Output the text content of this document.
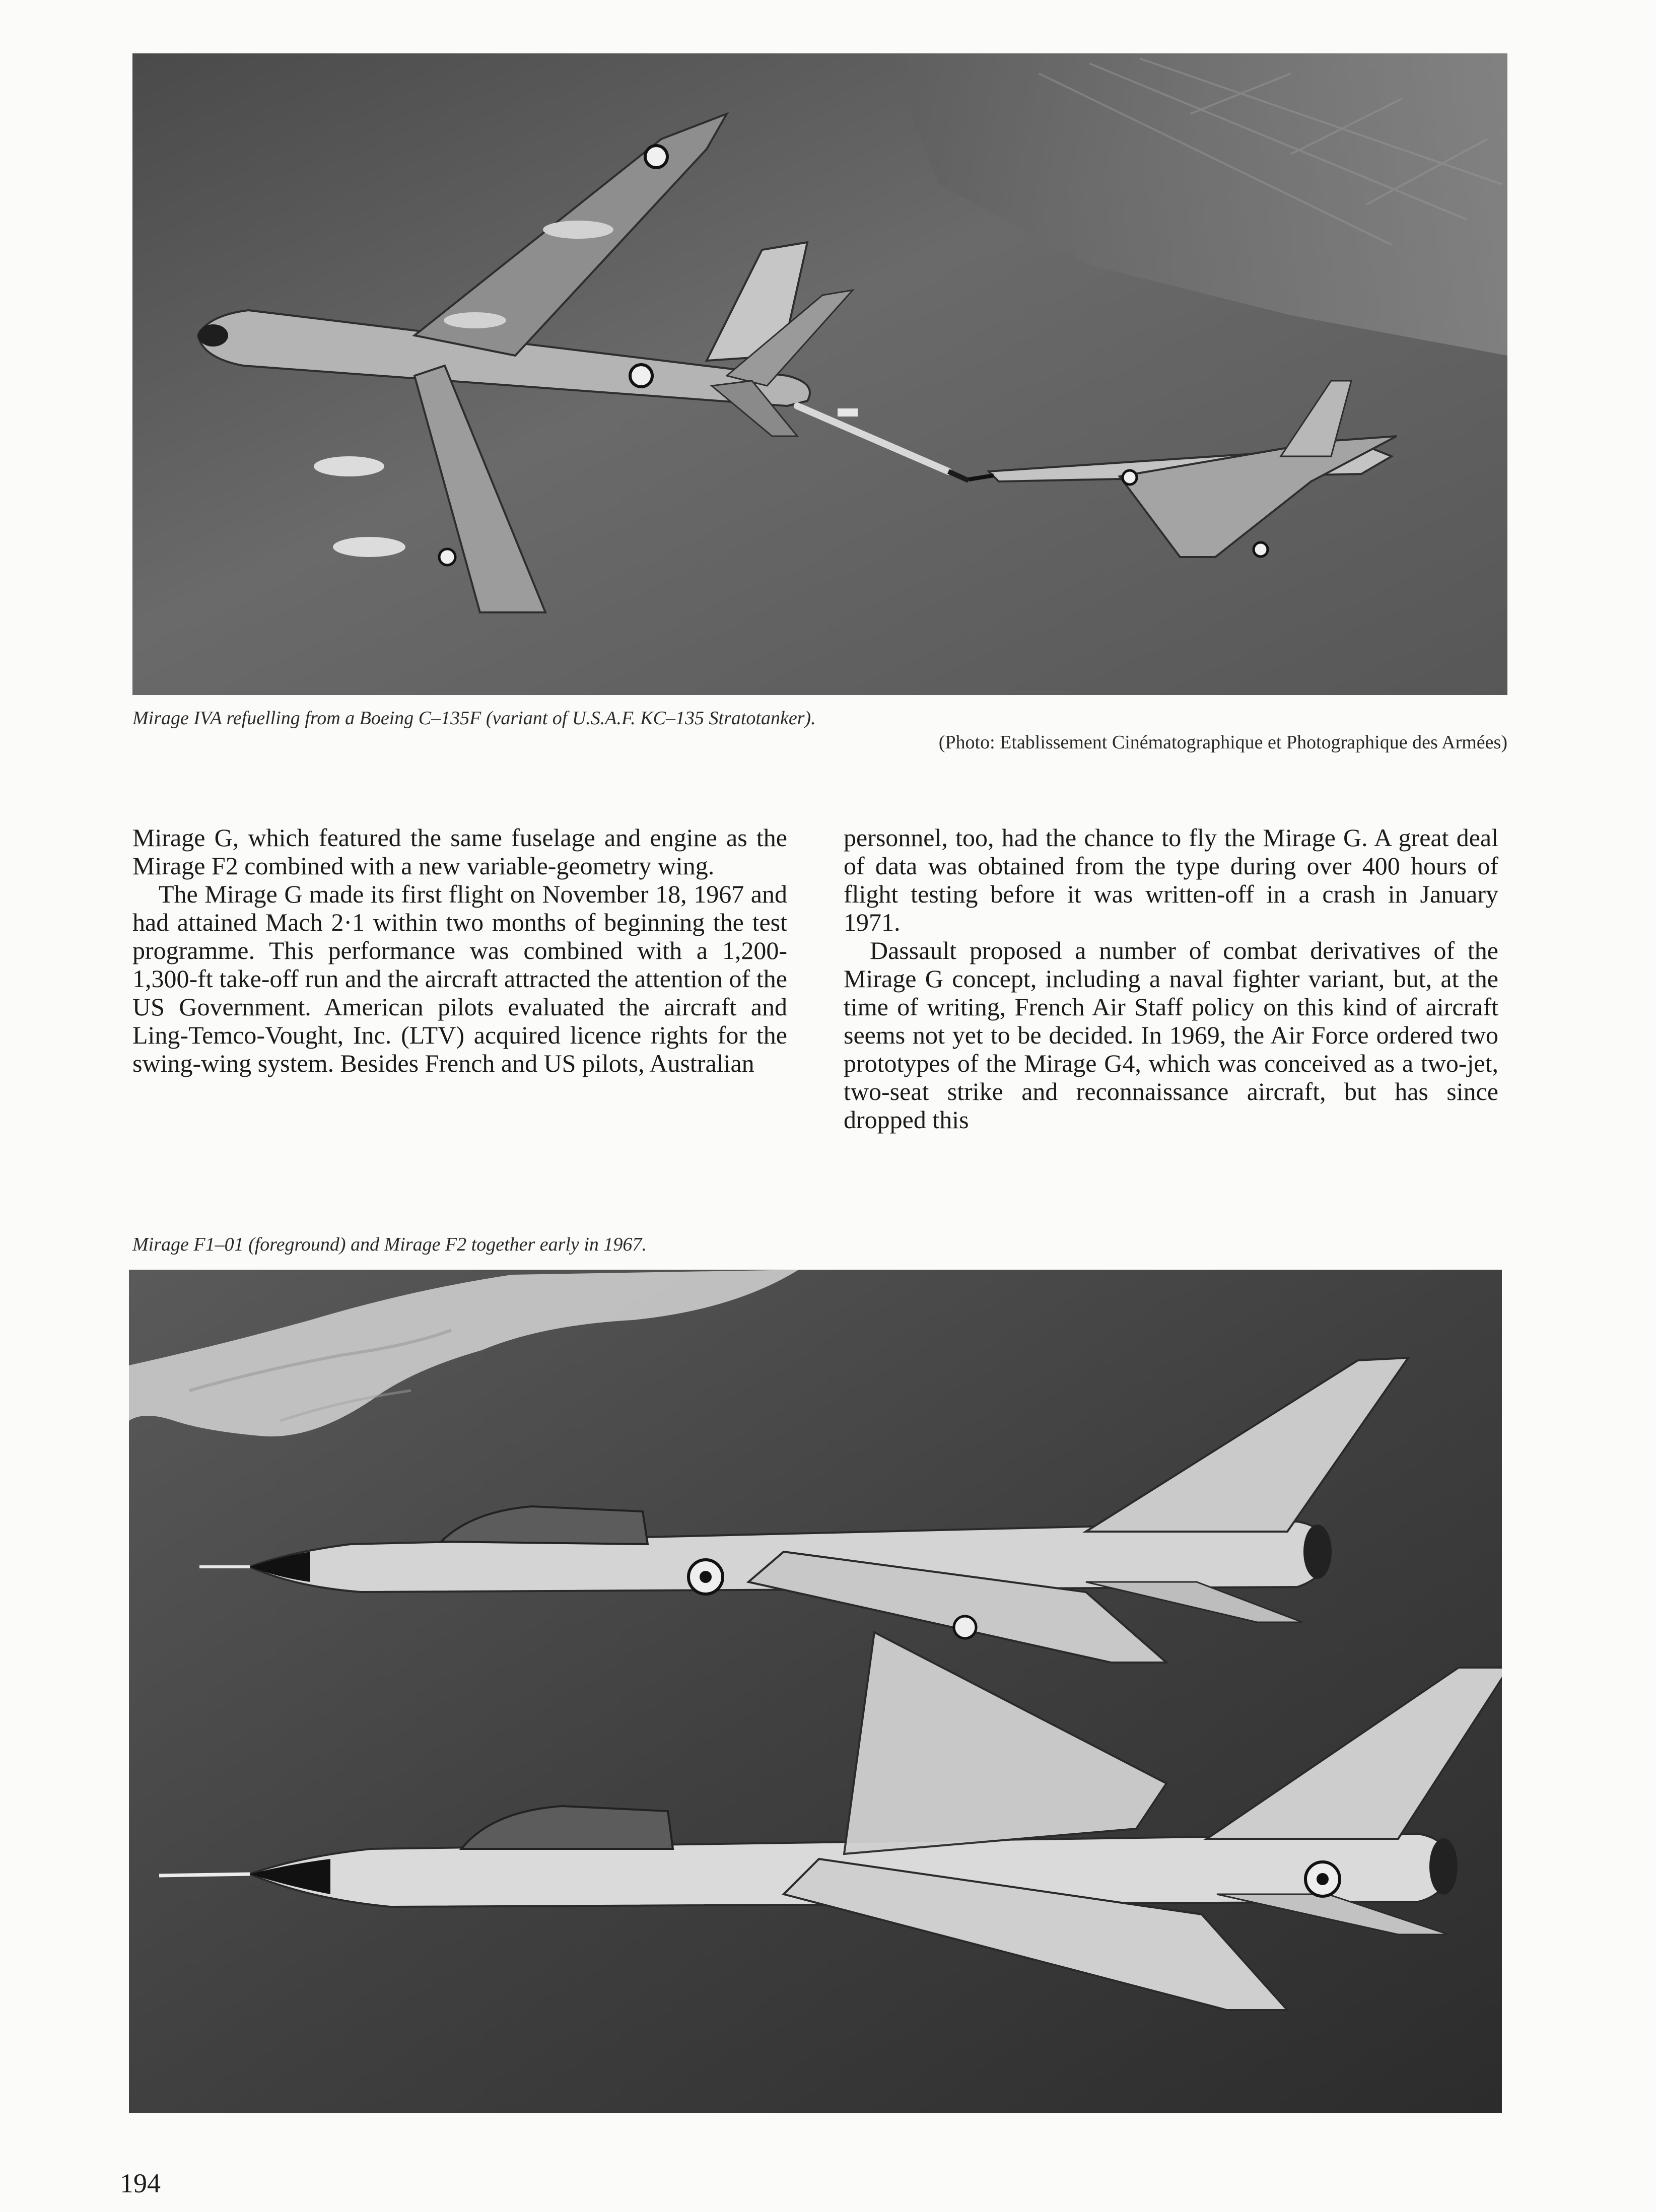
Mirage IVA refuelling from a Boeing C–135F (variant of U.S.A.F. KC–135 Stratotanker).
(Photo: Etablissement Cinématographique et Photographique des Armées)

Mirage G, which featured the same fuselage and engine as the Mirage F2 combined with a new variable-geometry wing.

The Mirage G made its first flight on November 18, 1967 and had attained Mach 2·1 within two months of beginning the test programme. This performance was combined with a 1,200-1,300-ft take-off run and the aircraft attracted the attention of the US Government. American pilots evaluated the aircraft and Ling-Temco-Vought, Inc. (LTV) acquired licence rights for the swing-wing system. Besides French and US pilots, Australian

personnel, too, had the chance to fly the Mirage G. A great deal of data was obtained from the type during over 400 hours of flight testing before it was written-off in a crash in January 1971.

Dassault proposed a number of combat derivatives of the Mirage G concept, including a naval fighter variant, but, at the time of writing, French Air Staff policy on this kind of aircraft seems not yet to be decided. In 1969, the Air Force ordered two prototypes of the Mirage G4, which was conceived as a two-jet, two-seat strike and reconnaissance aircraft, but has since dropped this

Mirage F1–01 (foreground) and Mirage F2 together early in 1967.
194
